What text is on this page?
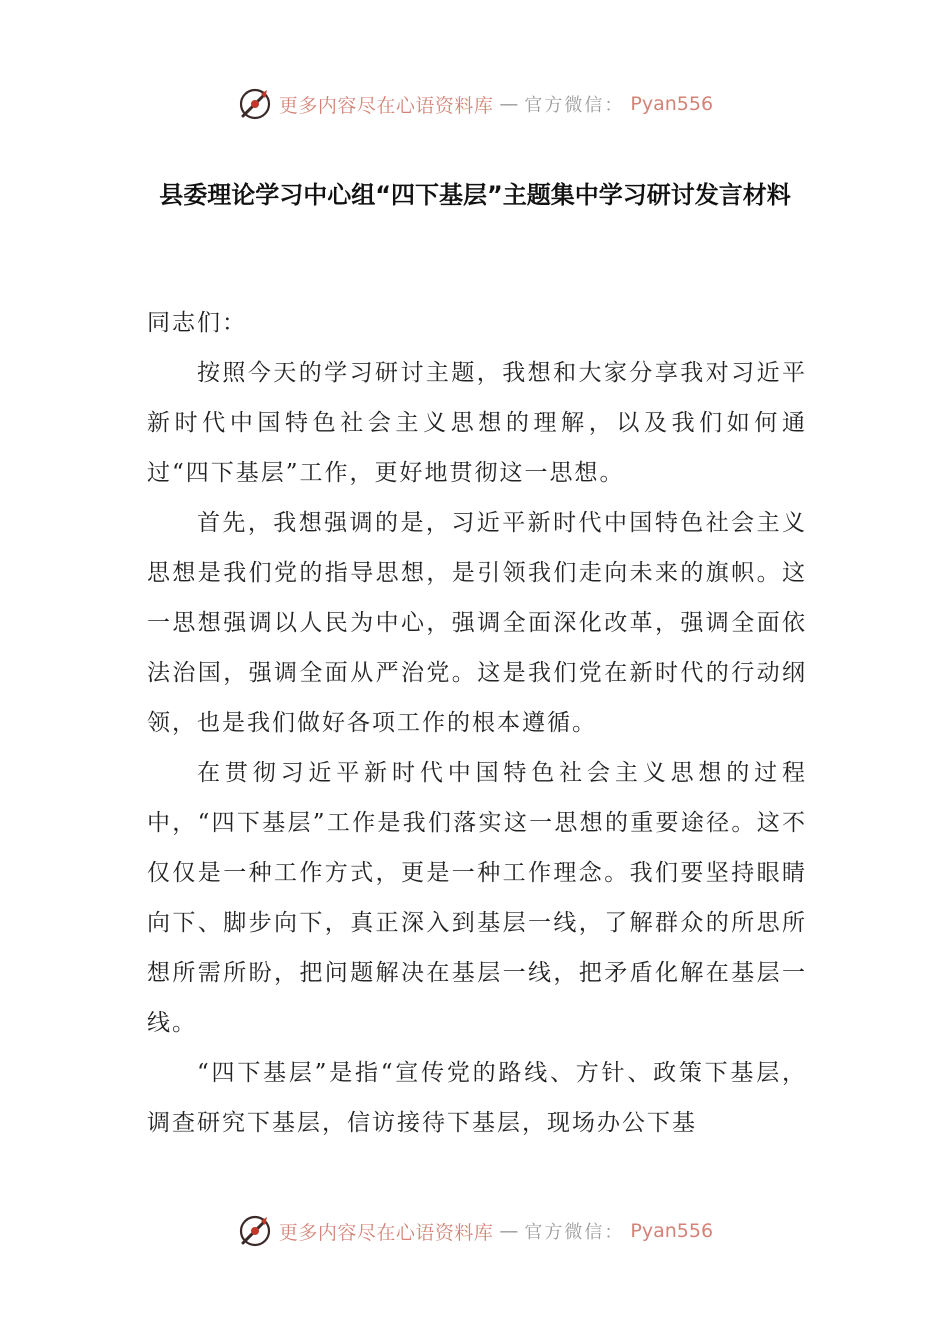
更多内容尽在心语资料库 — 官方微信： Pyan556
县委理论学习中心组“四下基层”主题集中学习研讨发言材料

同志们：

按照今天的学习研讨主题，我想和大家分享我对习近平新时代中国特色社会主义思想的理解，以及我们如何通过“四下基层”工作，更好地贯彻这一思想。

首先，我想强调的是，习近平新时代中国特色社会主义思想是我们党的指导思想，是引领我们走向未来的旗帜。这一思想强调以人民为中心，强调全面深化改革，强调全面依法治国，强调全面从严治党。这是我们党在新时代的行动纲领，也是我们做好各项工作的根本遵循。

在贯彻习近平新时代中国特色社会主义思想的过程中，“四下基层”工作是我们落实这一思想的重要途径。这不仅仅是一种工作方式，更是一种工作理念。我们要坚持眼睛向下、脚步向下，真正深入到基层一线，了解群众的所思所想所需所盼，把问题解决在基层一线，把矛盾化解在基层一线。

“四下基层”是指“宣传党的路线、方针、政策下基层，调查研究下基层，信访接待下基层，现场办公下基

更多内容尽在心语资料库 — 官方微信： Pyan556
